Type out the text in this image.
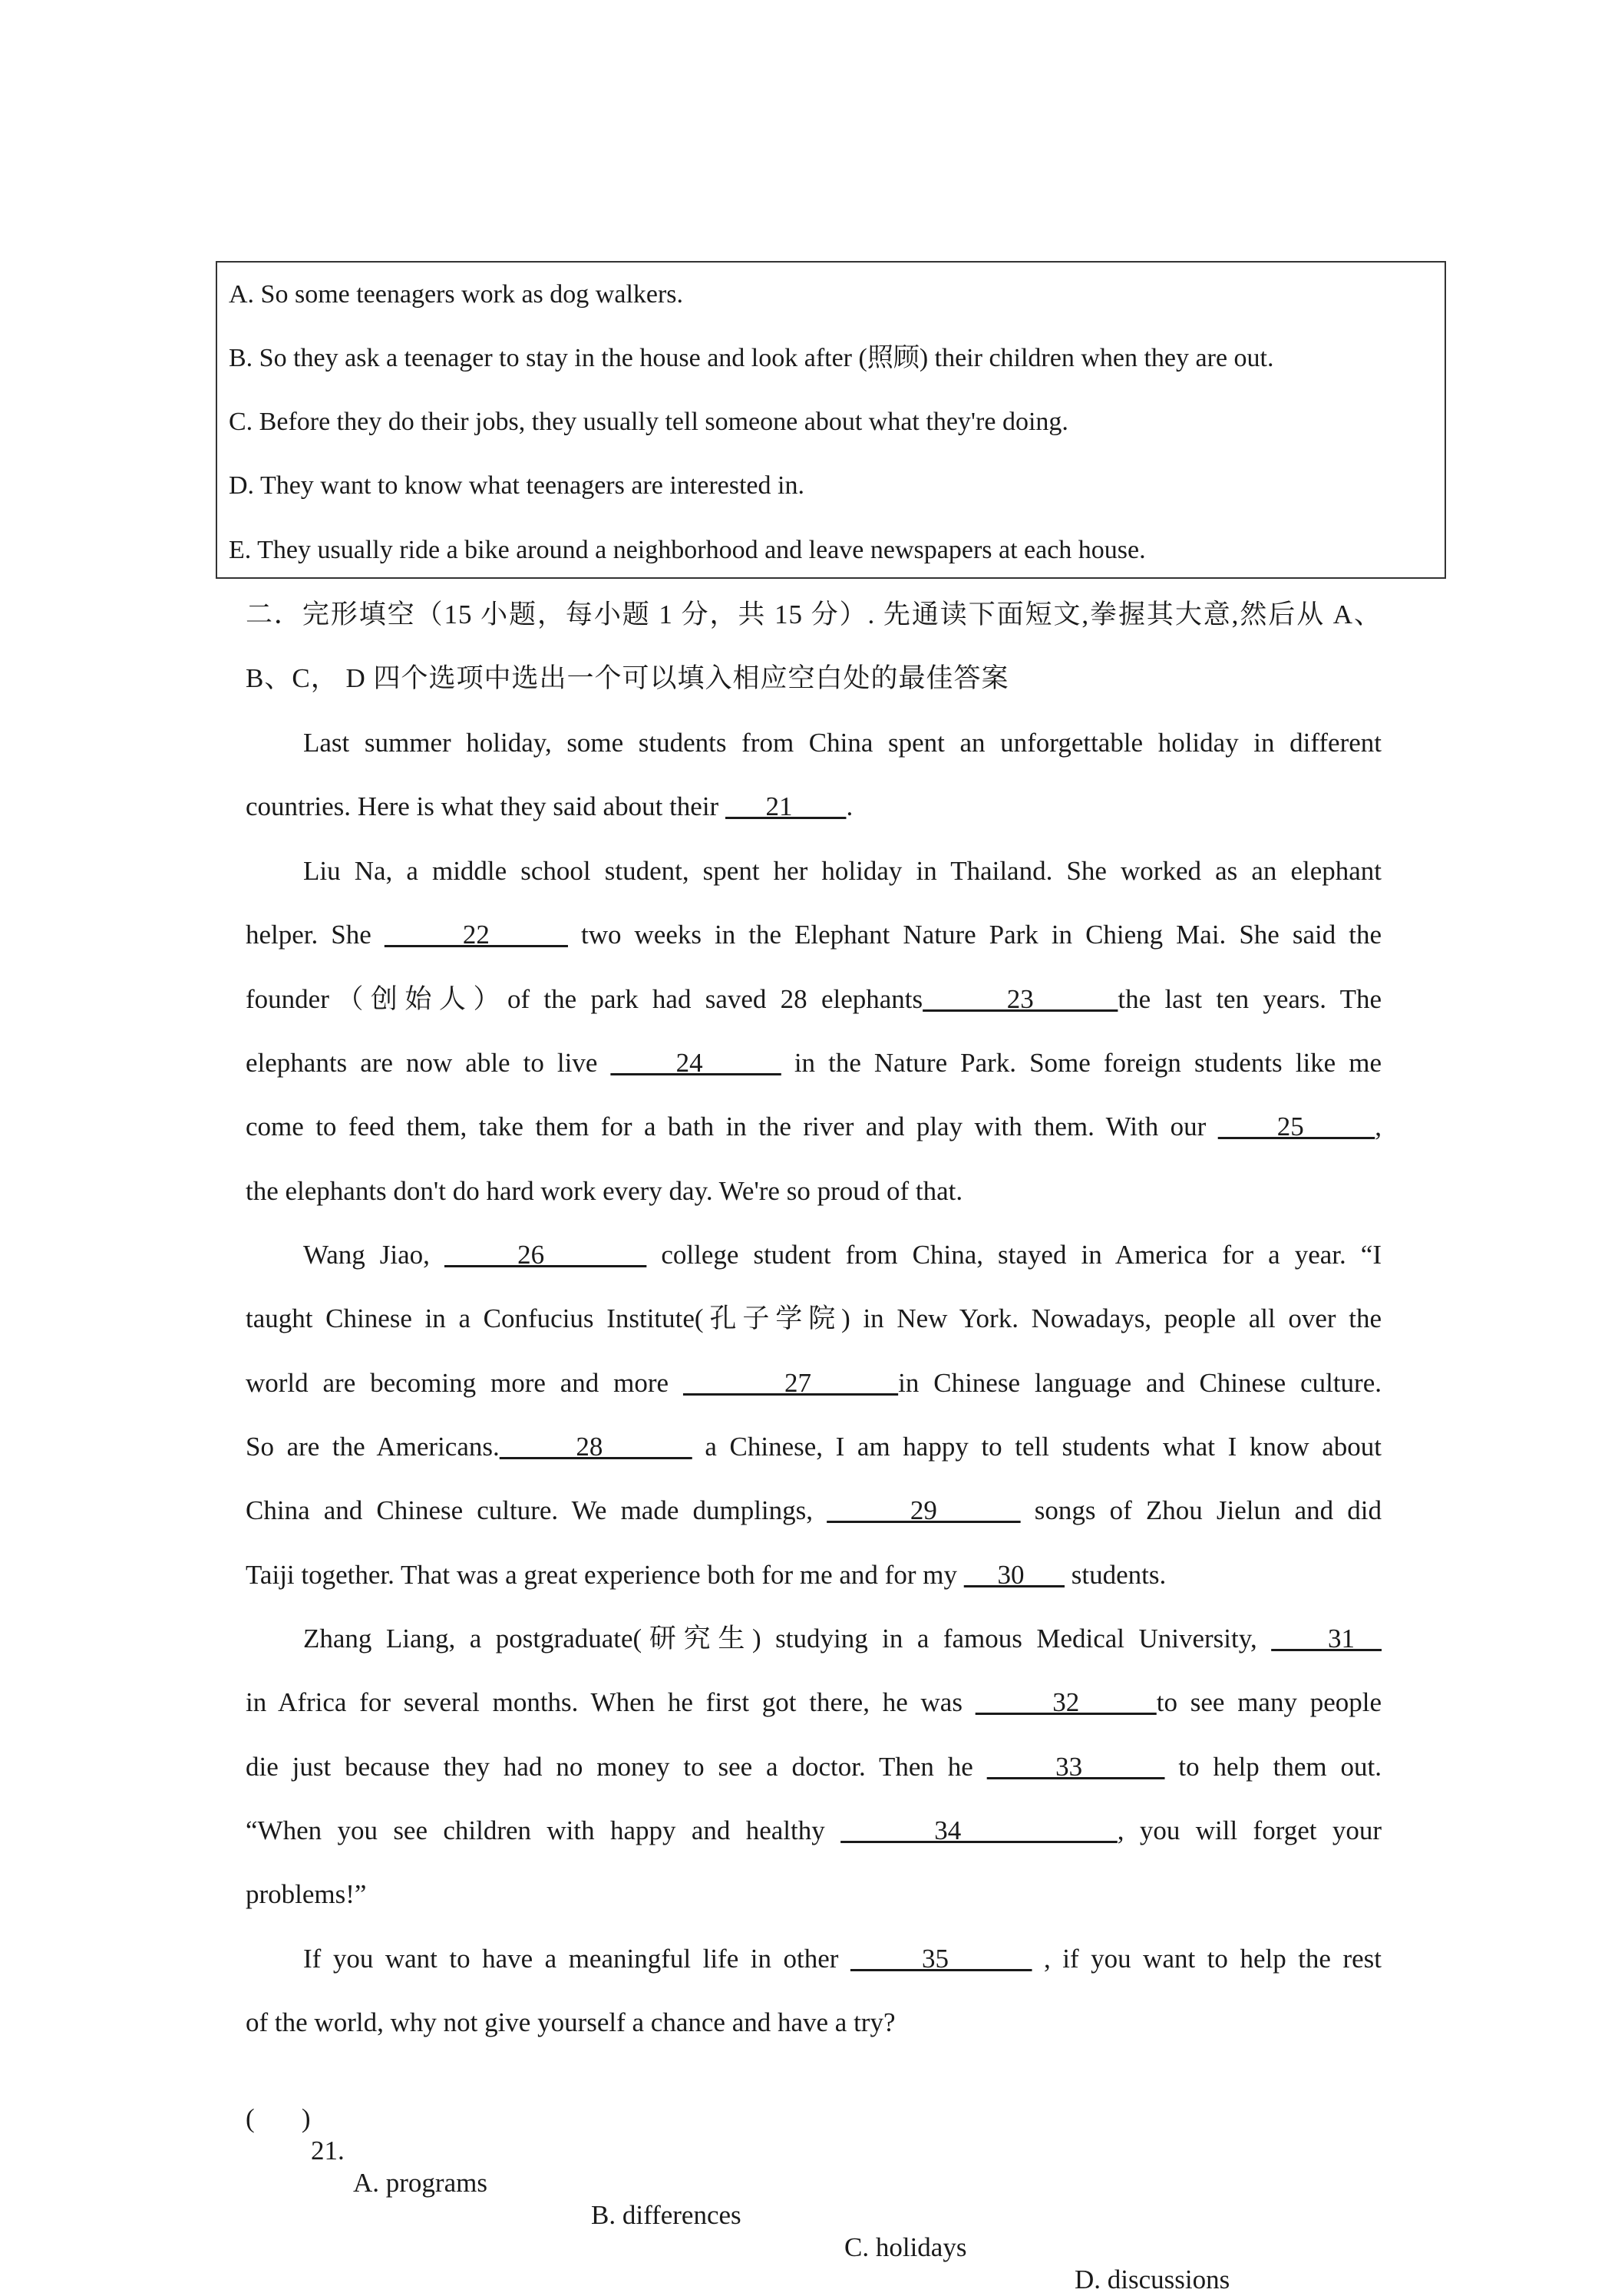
A. So some teenagers work as dog walkers.
B. So they ask a teenager to stay in the house and look after (照顾) their children when they are out.
C. Before they do their jobs, they usually tell someone about what they're doing.
D. They want to know what teenagers are interested in.
E. They usually ride a bike around a neighborhood and leave newspapers at each house.
二．完形填空（15 小题，每小题 1 分，共 15 分）. 先通读下面短文,拳握其大意,然后从 A、
B、C， D 四个选项中选出一个可以填入相应空白处的最佳答案
Last summer holiday, some students from China spent an unforgettable holiday in different
countries. Here is what they said about their       21        .
Liu Na, a middle school student, spent her holiday in Thailand. She worked as an elephant
helper. She       22       two weeks in the Elephant Nature Park in Chieng Mai. She said the
founder（创始人）of the park had saved 28 elephants      23      the last ten years. The
elephants are now able to live      24       in the Nature Park. Some foreign students like me
come to feed them, take them for a bath in the river and play with them. With our      25      ,
the elephants don't do hard work every day. We're so proud of that.
Wang Jiao,      26        college student from China, stayed in America for a year. “I
taught Chinese in a Confucius Institute(孔子学院) in New York. Nowadays, people all over the
world are becoming more and more        27      in Chinese language and Chinese culture.
So are the Americans.      28        a Chinese, I am happy to tell students what I know about
China and Chinese culture. We made dumplings,       29       songs of Zhou Jielun and did
Taiji together. That was a great experience both for me and for my      30       students.
Zhang Liang, a postgraduate(研究生) studying in a famous Medical University,     31
in Africa for several months. When he first got there, he was       32      to see many people
die just because they had no money to see a doctor. Then he      33       to help them out.
“When you see children with happy and healthy       34          , you will forget your
problems!”
If you want to have a meaningful life in other       35        , if you want to help the rest
of the world, why not give yourself a chance and have a try?

(       )

21.

A. programs

B. differences

C. holidays

D. discussions
